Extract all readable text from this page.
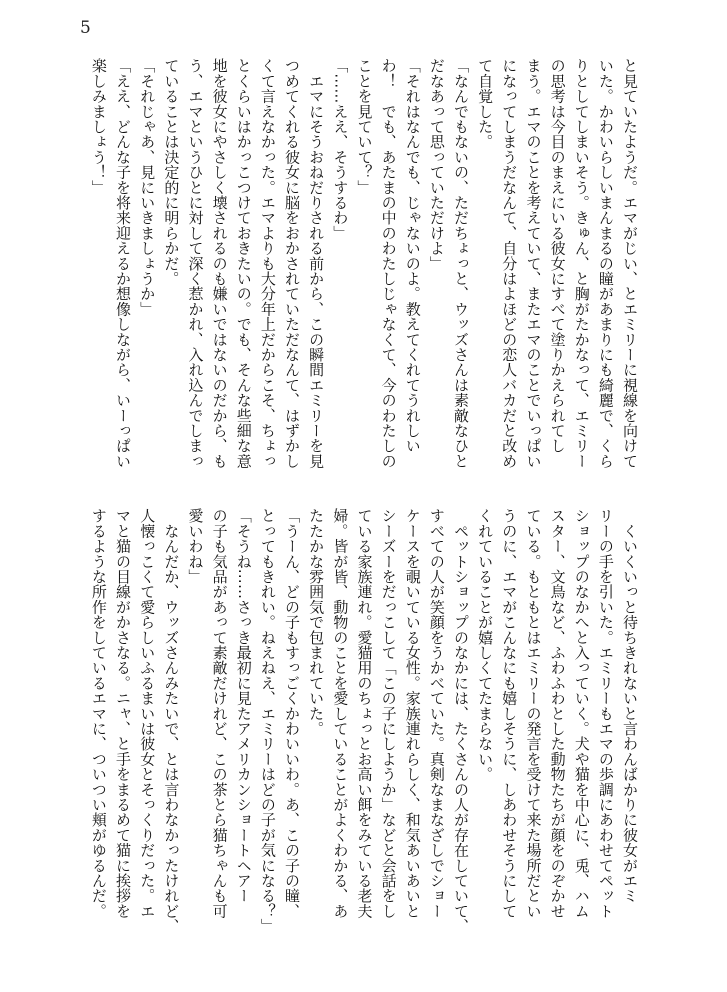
5
と見ていたようだ。エマがじい、とエミリーに視線を向けて
いた。かわいらしいまんまるの瞳があまりにも綺麗で、くら
りとしてしまいそう。きゅん、と胸がたかなって、エミリー
の思考は今目のまえにいる彼女にすべて塗りかえられてし
まう。エマのことを考えていて、またエマのことでいっぱい
になってしまうだなんて、自分はよほどの恋人バカだと改め
て自覚した。
「なんでもないの、ただちょっと、ウッズさんは素敵なひと
だなあって思っていただけよ」
「それはなんでも、じゃないのよ。教えてくれてうれしい
わ！　でも、あたまの中のわたしじゃなくて、今のわたしの
ことを見ていて？」
「……ええ、そうするわ」
　エマにそうおねだりされる前から、この瞬間エミリーを見
つめてくれる彼女に脳をおかされていただなんて、はずかし
くて言えなかった。エマよりも大分年上だからこそ、ちょっ
とくらいはかっこつけておきたいの。でも、そんな些細な意
地を彼女にやさしく壊されるのも嫌いではないのだから、も
う、エマというひとに対して深く惹かれ、入れ込んでしまっ
ていることは決定的に明らかだ。
「それじゃあ、見にいきましょうか」
「ええ、どんな子を将来迎えるか想像しながら、いーっぱい
楽しみましょう！」
　くいくいっと待ちきれないと言わんばかりに彼女がエミ
リーの手を引いた。エミリーもエマの歩調にあわせてペット
ショップのなかへと入っていく。犬や猫を中心に、兎、ハム
スター、文鳥など、ふわふわとした動物たちが顔をのぞかせ
ている。もともとはエミリーの発言を受けて来た場所だとい
うのに、エマがこんなにも嬉しそうに、しあわせそうにして
くれていることが嬉しくてたまらない。
　ペットショップのなかには、たくさんの人が存在していて、
すべての人が笑顔をうかべていた。真剣なまなざしでショー
ケースを覗いている女性。家族連れらしく、和気あいあいと
シーズーをだっこして「この子にしようか」などと会話をし
ている家族連れ。愛猫用のちょっとお高い餌をみている老夫
婦。皆が皆、動物のことを愛していることがよくわかる、あ
たたかな雰囲気で包まれていた。
「うーん、どの子もすっごくかわいいわ。あ、この子の瞳、
とってもきれい。ねえねえ、エミリーはどの子が気になる？」
「そうね……さっき最初に見たアメリカンショートヘアー
の子も気品があって素敵だけれど、この茶とら猫ちゃんも可
愛いわね」
　なんだか、ウッズさんみたいで、とは言わなかったけれど、
人懐っこくて愛らしいふるまいは彼女とそっくりだった。エ
マと猫の目線がかさなる。ニャ、と手をまるめて猫に挨拶を
するような所作をしているエマに、ついつい頬がゆるんだ。
